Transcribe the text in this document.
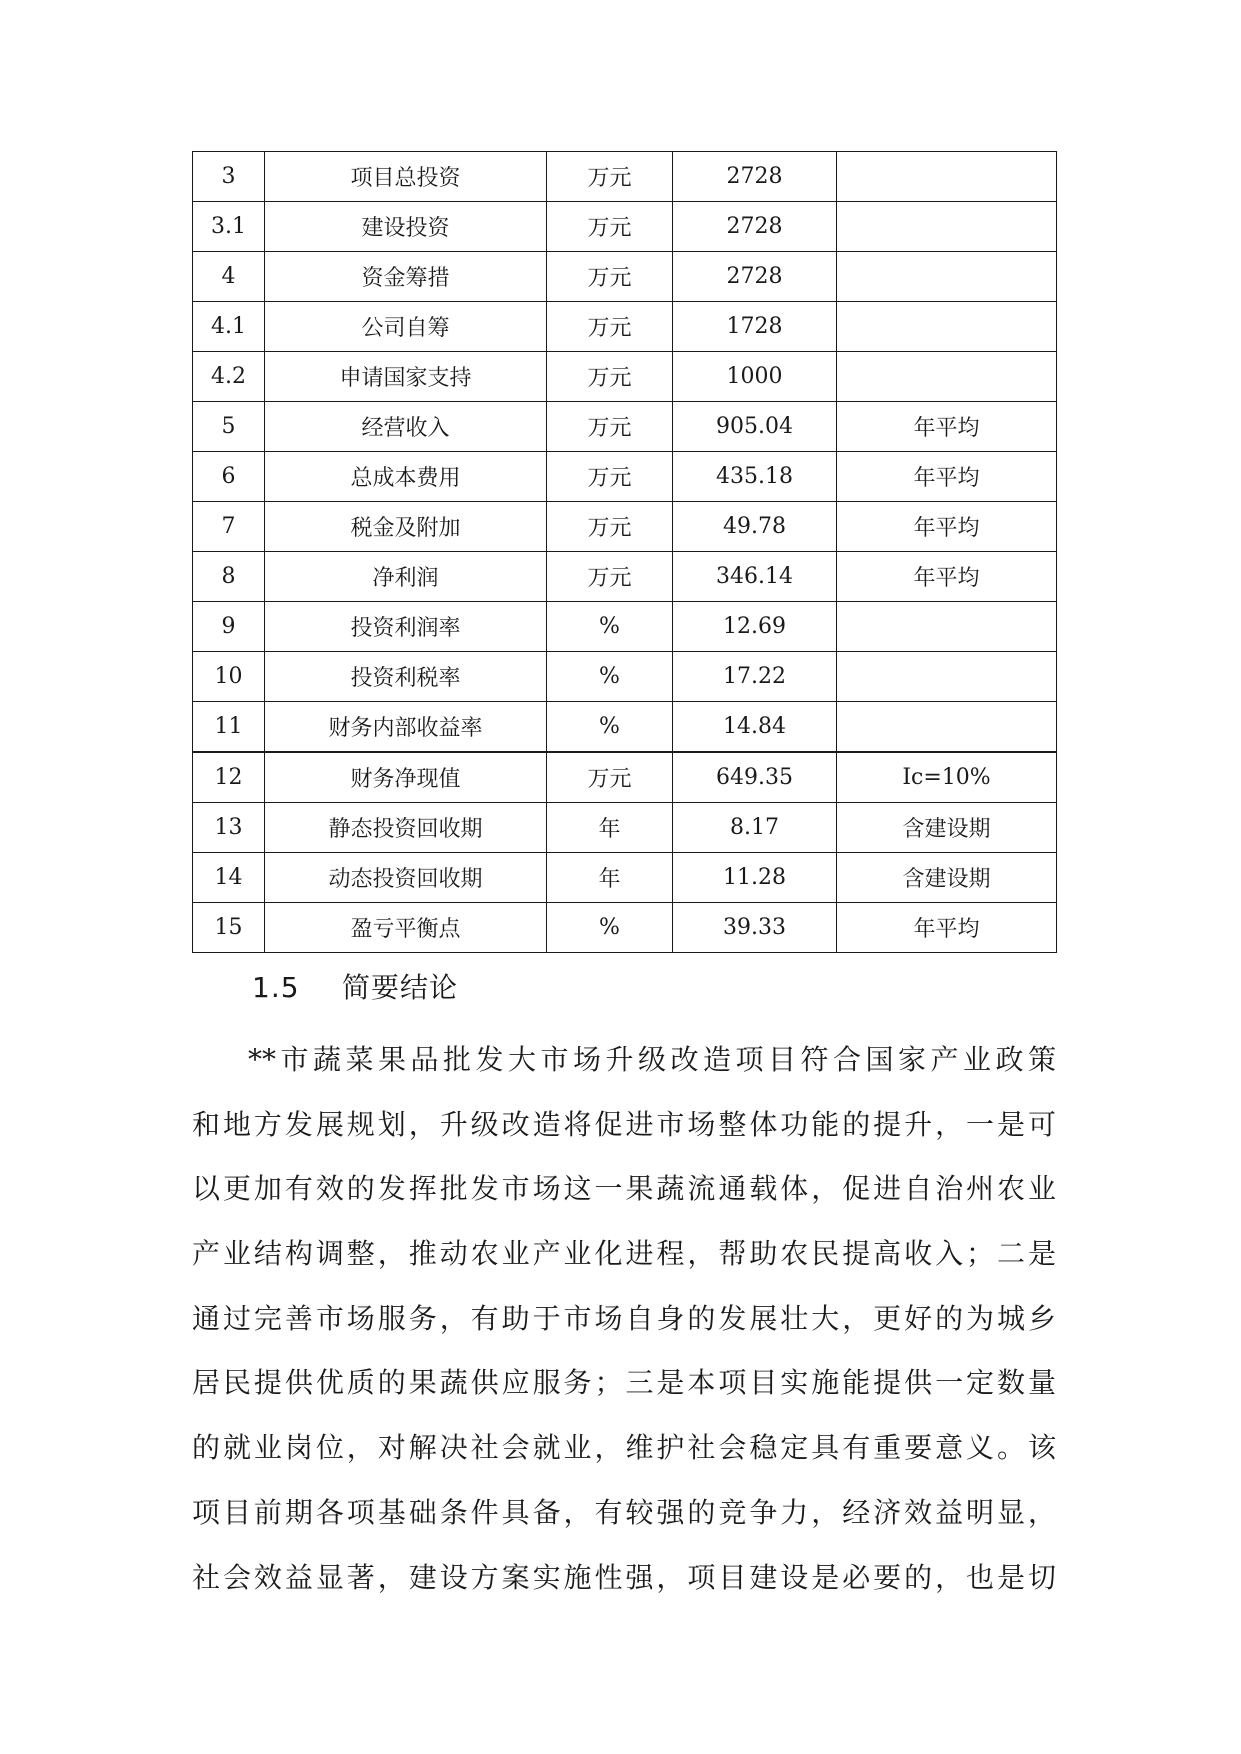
3	项目总投资	万元	2728	
3.1	建设投资	万元	2728	
4	资金筹措	万元	2728	
4.1	公司自筹	万元	1728	
4.2	申请国家支持	万元	1000	
5	经营收入	万元	905.04	年平均
6	总成本费用	万元	435.18	年平均
7	税金及附加	万元	49.78	年平均
8	净利润	万元	346.14	年平均
9	投资利润率	%	12.69	
10	投资利税率	%	17.22	
11	财务内部收益率	%	14.84	
12	财务净现值	万元	649.35	Ic=10%
13	静态投资回收期	年	8.17	含建设期
14	动态投资回收期	年	11.28	含建设期
15	盈亏平衡点	%	39.33	年平均
1.5 简要结论

**市蔬菜果品批发大市场升级改造项目符合国家产业政策
和地方发展规划，升级改造将促进市场整体功能的提升，一是可
以更加有效的发挥批发市场这一果蔬流通载体，促进自治州农业
产业结构调整，推动农业产业化进程，帮助农民提高收入；二是
通过完善市场服务，有助于市场自身的发展壮大，更好的为城乡
居民提供优质的果蔬供应服务；三是本项目实施能提供一定数量
的就业岗位，对解决社会就业，维护社会稳定具有重要意义。该
项目前期各项基础条件具备，有较强的竞争力，经济效益明显，
社会效益显著，建设方案实施性强，项目建设是必要的，也是切
